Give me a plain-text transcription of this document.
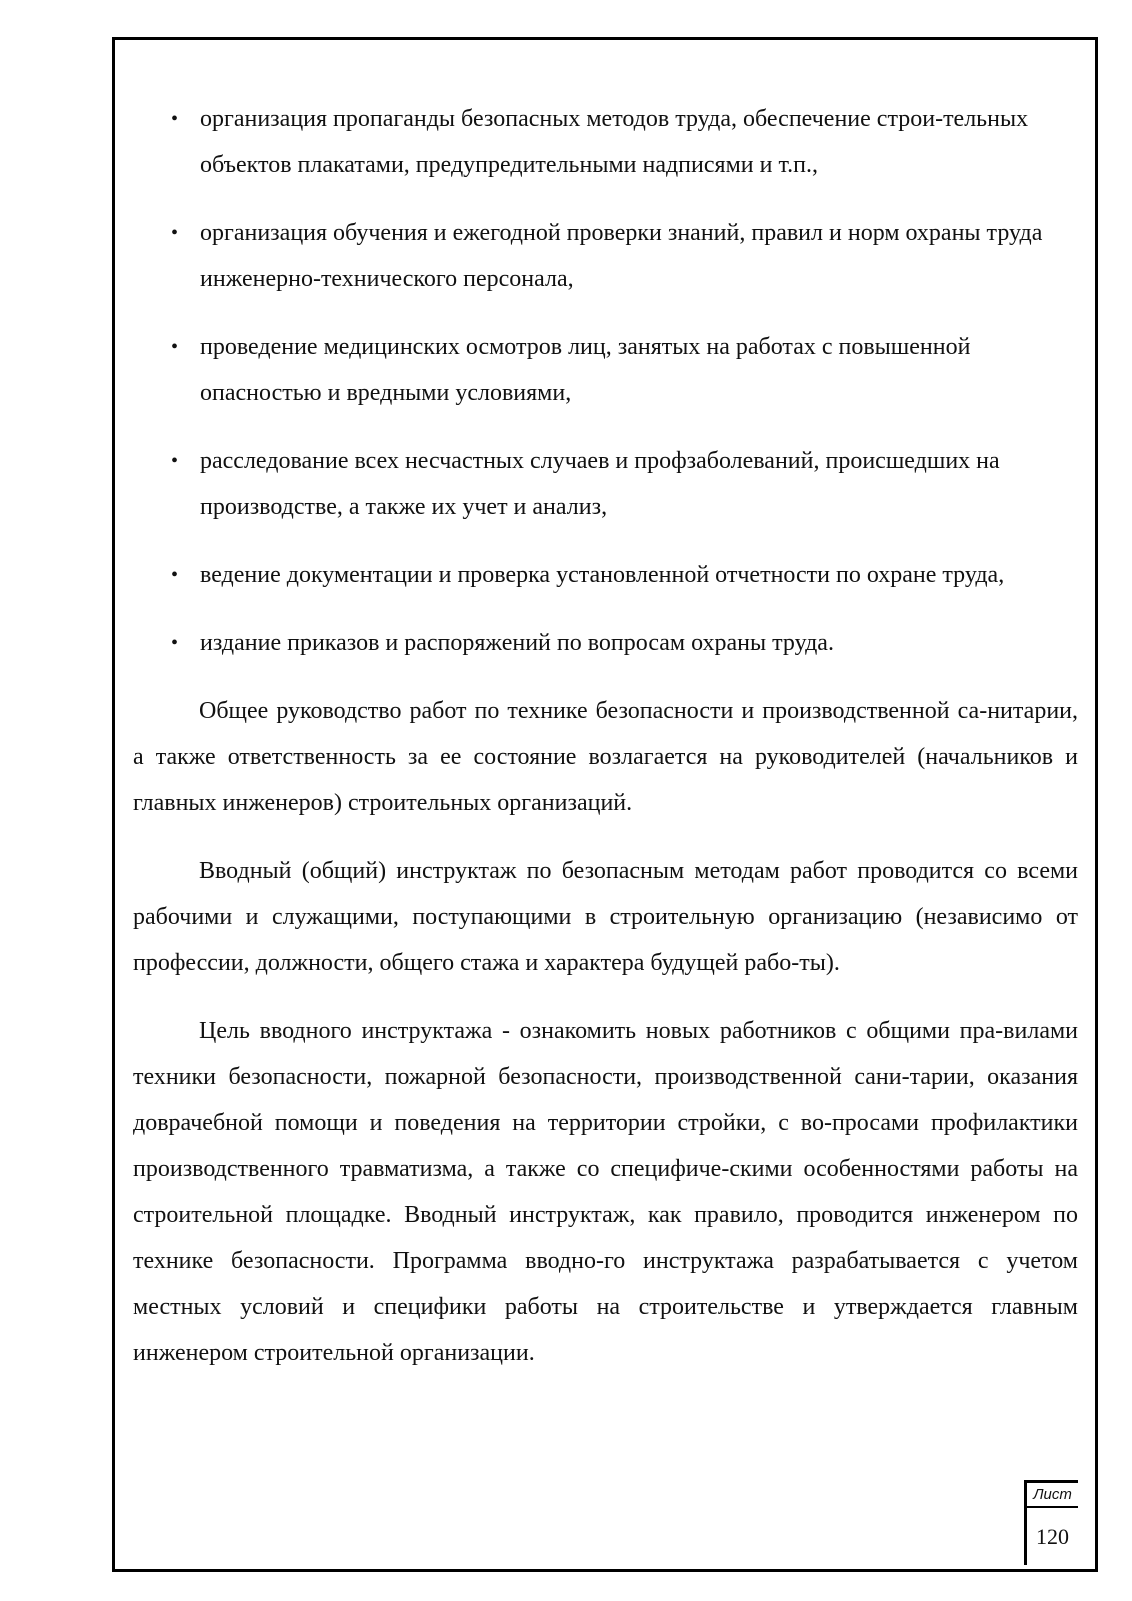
• организация пропаганды безопасных методов труда, обеспечение строи-тельных объектов плакатами, предупредительными надписями и т.п.,
• организация обучения и ежегодной проверки знаний, правил и норм охраны труда инженерно-технического персонала,
• проведение медицинских осмотров лиц, занятых на работах с повышенной опасностью и вредными условиями,
• расследование всех несчастных случаев и профзаболеваний, происшедших на производстве, а также их учет и анализ,
• ведение документации и проверка установленной отчетности по охране труда,
• издание приказов и распоряжений по вопросам охраны труда.

Общее руководство работ по технике безопасности и производственной са-нитарии, а также ответственность за ее состояние возлагается на руководителей (начальников и главных инженеров) строительных организаций.

Вводный (общий) инструктаж по безопасным методам работ проводится со всеми рабочими и служащими, поступающими в строительную организацию (независимо от профессии, должности, общего стажа и характера будущей рабо-ты).

Цель вводного инструктажа - ознакомить новых работников с общими пра-вилами техники безопасности, пожарной безопасности, производственной сани-тарии, оказания доврачебной помощи и поведения на территории стройки, с во-просами профилактики производственного травматизма, а также со специфиче-скими особенностями работы на строительной площадке. Вводный инструктаж, как правило, проводится инженером по технике безопасности. Программа вводно-го инструктажа разрабатывается с учетом местных условий и специфики работы на строительстве и утверждается главным инженером строительной организации.

Лист
120
